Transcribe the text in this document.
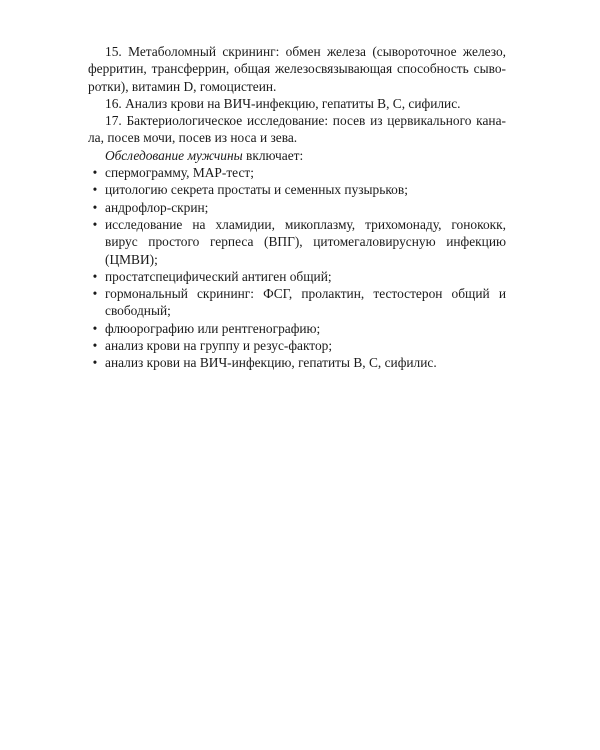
15. Метаболомный скрининг: обмен железа (сывороточное железо, ферритин, трансферрин, общая железосвязывающая способность сыворотки), витамин D, гомоцистеин.

16. Анализ крови на ВИЧ-инфекцию, гепатиты B, C, сифилис.

17. Бактериологическое исследование: посев из цервикального канала, посев мочи, посев из носа и зева.

Обследование мужчины включает:

• спермограмму, MAP-тест;
• цитологию секрета простаты и семенных пузырьков;
• андрофлор-скрин;
• исследование на хламидии, микоплазму, трихомонаду, гонококк, вирус простого герпеса (ВПГ), цитомегаловирусную инфекцию (ЦМВИ);
• простатспецифический антиген общий;
• гормональный скрининг: ФСГ, пролактин, тестостерон общий и свободный;
• флюорографию или рентгенографию;
• анализ крови на группу и резус-фактор;
• анализ крови на ВИЧ-инфекцию, гепатиты B, C, сифилис.
